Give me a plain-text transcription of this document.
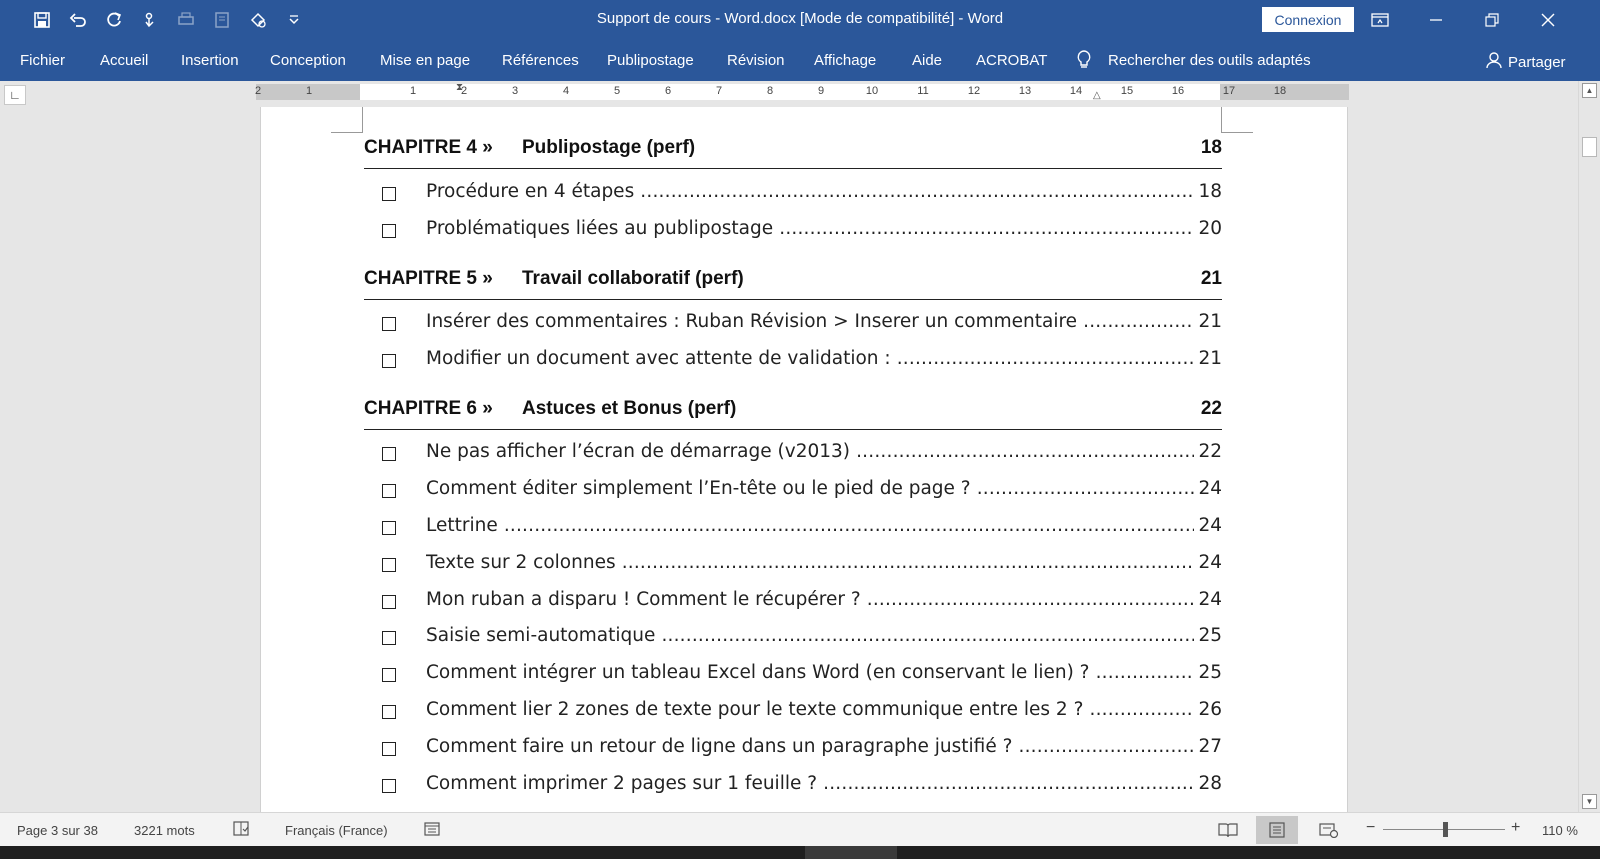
Support de cours - Word.docx [Mode de compatibilité] - Word	Connexion
Fichier Accueil Insertion Conception Mise en page Références Publipostage Révision Affichage Aide ACROBAT	Rechercher des outils adaptés	Partager
∟	2	1	1	2	3	4	5	6	7	8	9	10	11	12	13	14	15	16	17	18
⧗
△
CHAPITRE 4 » Publipostage (perf)	18
Procédure en 4 étapes .....	18
Problématiques liées au publipostage .....	20
CHAPITRE 5 » Travail collaboratif (perf)	21
Insérer des commentaires : Ruban Révision > Inserer un commentaire .....	21
Modifier un document avec attente de validation : .....	21
CHAPITRE 6 » Astuces et Bonus (perf)	22
Ne pas afficher l’écran de démarrage (v2013) .....	22
Comment éditer simplement l’En-tête ou le pied de page ? .....	24
Lettrine .....	24
Texte sur 2 colonnes .....	24
Mon ruban a disparu ! Comment le récupérer ? .....	24
Saisie semi-automatique .....	25
Comment intégrer un tableau Excel dans Word (en conservant le lien) ? .....	25
Comment lier 2 zones de texte pour le texte communique entre les 2 ? .....	26
Comment faire un retour de ligne dans un paragraphe justifié ? .....	27
Comment imprimer 2 pages sur 1 feuille ? .....	28
▲
▼
Page 3 sur 38	3221 mots	Français (France)	−	+ 110 %
